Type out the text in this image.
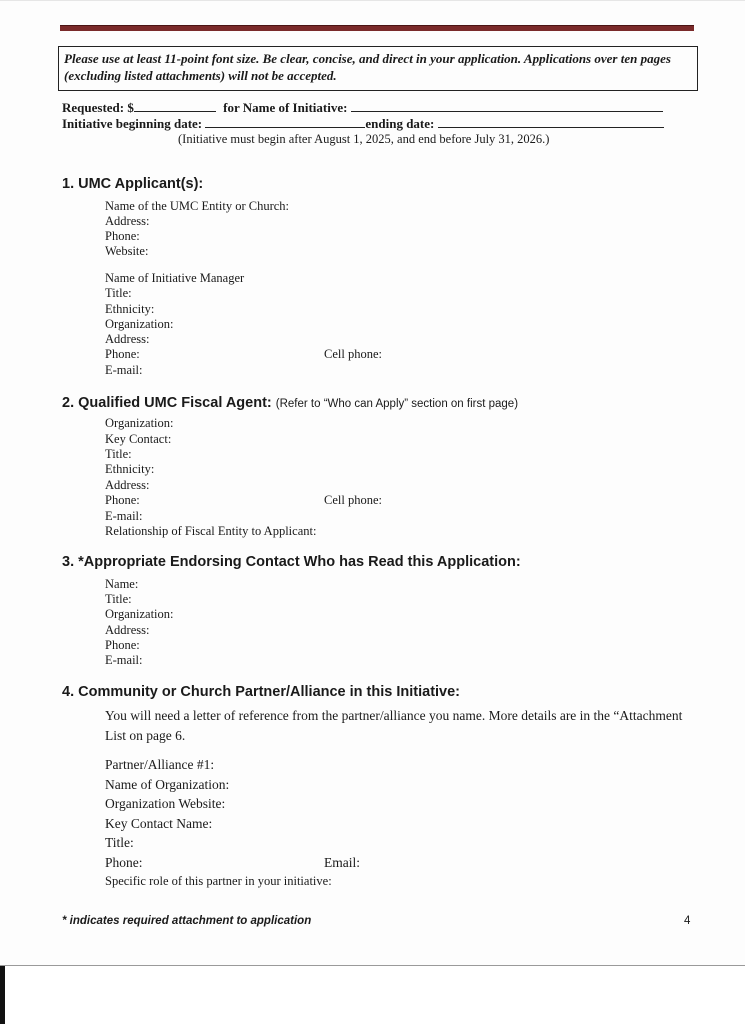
Please use at least 11-point font size. Be clear, concise, and direct in your application. Applications over ten pages (excluding listed attachments) will not be accepted.
Requested: $	for Name of Initiative:
Initiative beginning date:	ending date:
(Initiative must begin after August 1, 2025, and end before July 31, 2026.)
1. UMC Applicant(s):
Name of the UMC Entity or Church:
Address:
Phone:
Website:
Name of Initiative Manager
Title:
Ethnicity:
Organization:
Address:
Phone:	Cell phone:
E-mail:
2. Qualified UMC Fiscal Agent: (Refer to “Who can Apply” section on first page)
Organization:
Key Contact:
Title:
Ethnicity:
Address:
Phone:	Cell phone:
E-mail:
Relationship of Fiscal Entity to Applicant:
3. *Appropriate Endorsing Contact Who has Read this Application:
Name:
Title:
Organization:
Address:
Phone:
E-mail:
4. Community or Church Partner/Alliance in this Initiative:
You will need a letter of reference from the partner/alliance you name. More details are in the “Attachment List on page 6.
Partner/Alliance #1:
Name of Organization:
Organization Website:
Key Contact Name:
Title:
Phone:	Email:
Specific role of this partner in your initiative:
* indicates required attachment to application	4
